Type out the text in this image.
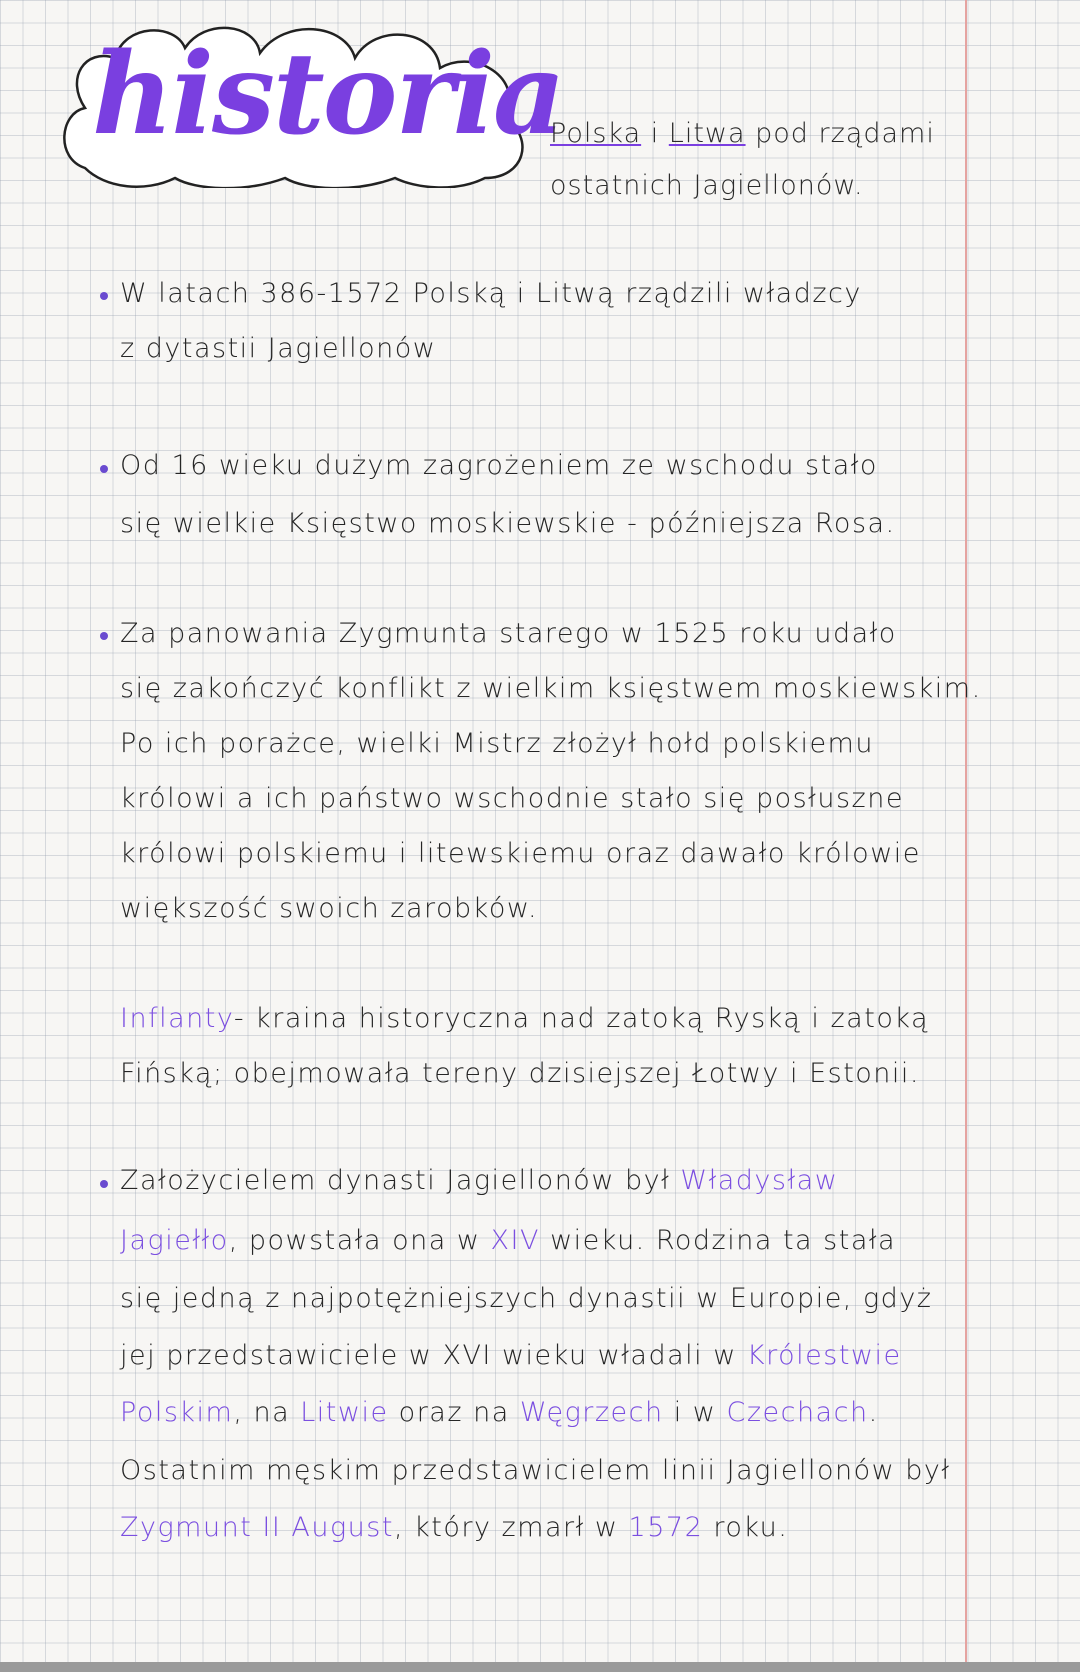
historia
Polska i Litwa pod rządami
ostatnich Jagiellonów.
W latach 386-1572 Polską i Litwą rządzili władzcy
z dytastii Jagiellonów
Od 16 wieku dużym zagrożeniem ze wschodu stało
się wielkie Księstwo moskiewskie - późniejsza Rosa.
Za panowania Zygmunta starego w 1525 roku udało
się zakończyć konflikt z wielkim księstwem moskiewskim.
Po ich porażce, wielki Mistrz złożył hołd polskiemu
królowi a ich państwo wschodnie stało się posłuszne
królowi polskiemu i litewskiemu oraz dawało królowie
większość swoich zarobków.
Inflanty- kraina historyczna nad zatoką Ryską i zatoką
Fińską; obejmowała tereny dzisiejszej Łotwy i Estonii.
Założycielem dynasti Jagiellonów był Władysław
Jagiełło, powstała ona w XIV wieku. Rodzina ta stała
się jedną z najpotężniejszych dynastii w Europie, gdyż
jej przedstawiciele w XVI wieku władali w Królestwie
Polskim, na Litwie oraz na Węgrzech i w Czechach.
Ostatnim męskim przedstawicielem linii Jagiellonów był
Zygmunt II August, który zmarł w 1572 roku.
